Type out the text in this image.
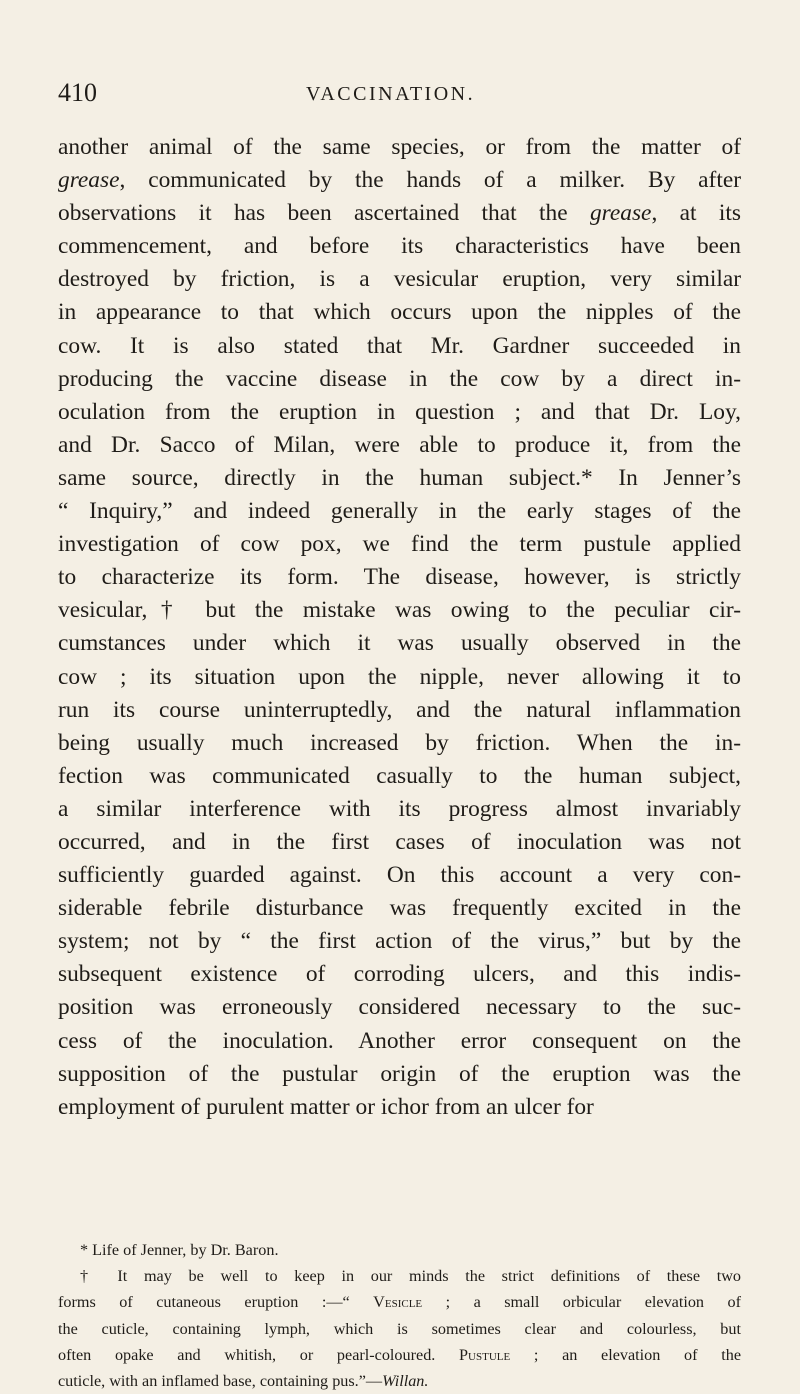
410	VACCINATION.
another animal of the same species, or from the matter of
grease, communicated by the hands of a milker. By after
observations it has been ascertained that the grease, at its
commencement, and before its characteristics have been
destroyed by friction, is a vesicular eruption, very similar
in appearance to that which occurs upon the nipples of the
cow. It is also stated that Mr. Gardner succeeded in
producing the vaccine disease in the cow by a direct in-
oculation from the eruption in question ; and that Dr. Loy,
and Dr. Sacco of Milan, were able to produce it, from the
same source, directly in the human subject.* In Jenner’s
“ Inquiry,” and indeed generally in the early stages of the
investigation of cow pox, we find the term pustule applied
to characterize its form. The disease, however, is strictly
vesicular,† but the mistake was owing to the peculiar cir-
cumstances under which it was usually observed in the
cow ; its situation upon the nipple, never allowing it to
run its course uninterruptedly, and the natural inflammation
being usually much increased by friction. When the in-
fection was communicated casually to the human subject,
a similar interference with its progress almost invariably
occurred, and in the first cases of inoculation was not
sufficiently guarded against. On this account a very con-
siderable febrile disturbance was frequently excited in the
system; not by “ the first action of the virus,” but by the
subsequent existence of corroding ulcers, and this indis-
position was erroneously considered necessary to the suc-
cess of the inoculation. Another error consequent on the
supposition of the pustular origin of the eruption was the
employment of purulent matter or ichor from an ulcer for
* Life of Jenner, by Dr. Baron.
† It may be well to keep in our minds the strict definitions of these two
forms of cutaneous eruption :—“ Vesicle ; a small orbicular elevation of
the cuticle, containing lymph, which is sometimes clear and colourless, but
often opake and whitish, or pearl-coloured. Pustule ; an elevation of the
cuticle, with an inflamed base, containing pus.”—Willan.
